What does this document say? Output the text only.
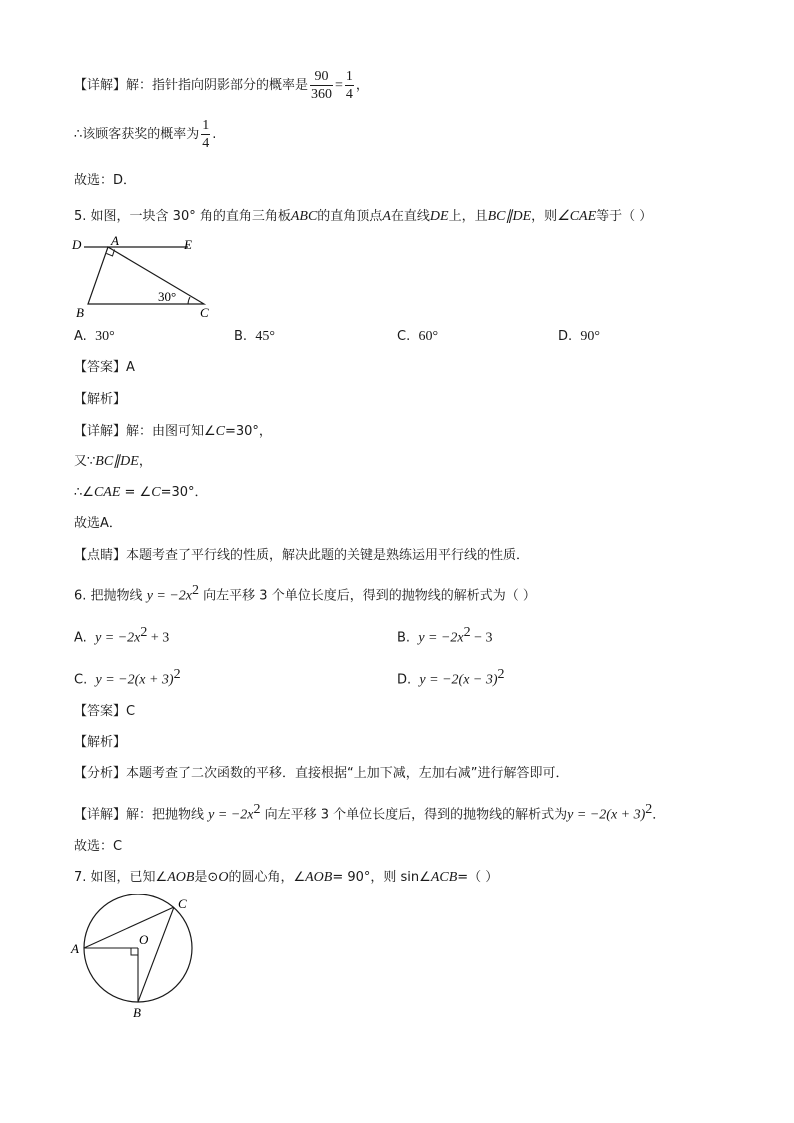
【详解】解：指针指向阴影部分的概率是 $\frac{90}{360} = \frac{1}{4}$ ，
∴该顾客获奖的概率为 $\frac{1}{4}$ .
故选：D．
5. 如图，一块含 30° 角的直角三角板ABC的直角顶点A在直线DE上，且BC∥DE，则∠CAE等于（ ）
D A	E
B	C
30°
A. 30°	B. 45°	C. 60°	D. 90°
【答案】A
【解析】
【详解】解：由图可知∠C=30°，
又∵BC∥DE，
∴∠CAE = ∠C=30°．
故选A．
【点睛】本题考查了平行线的性质，解决此题的关键是熟练运用平行线的性质．
6. 把抛物线 $y = -2x^2$ 向左平移 3 个单位长度后，得到的抛物线的解析式为（ ）
A. $y = -2x^2 + 3$	B. $y = -2x^2 - 3$
C. $y = -2(x + 3)^2$	D. $y = -2(x - 3)^2$
【答案】C
【解析】
【分析】本题考查了二次函数的平移．直接根据“上加下减，左加右减”进行解答即可．
【详解】解：把抛物线 $y = -2x^2$ 向左平移 3 个单位长度后，得到的抛物线的解析式为$y = -2(x + 3)^2$．
故选：C
7. 如图，已知∠AOB是⊙O的圆心角，∠AOB= 90°，则 sin∠ACB=（ ）
A
O
B
C
